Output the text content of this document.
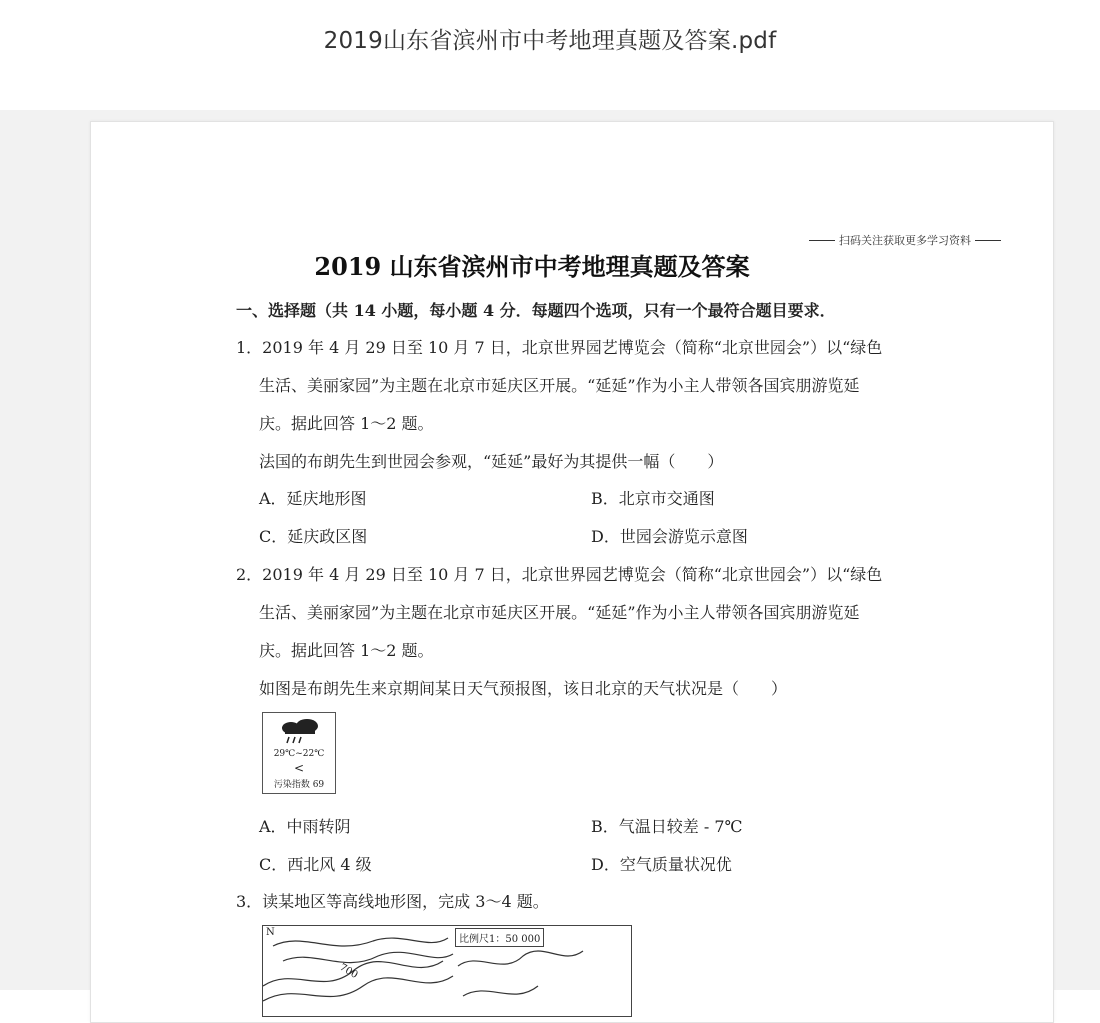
2019山东省滨州市中考地理真题及答案.pdf
扫码关注获取更多学习资料
2019 山东省滨州市中考地理真题及答案
一、选择题（共 14 小题，每小题 4 分．每题四个选项，只有一个最符合题目要求．
1．2019 年 4 月 29 日至 10 月 7 日，北京世界园艺博览会（简称“北京世园会”）以“绿色
生活、美丽家园”为主题在北京市延庆区开展。“延延”作为小主人带领各国宾朋游览延
庆。据此回答 1～2 题。
法国的布朗先生到世园会参观，“延延”最好为其提供一幅（　　）
A．延庆地形图	B．北京市交通图
C．延庆政区图	D．世园会游览示意图
2．2019 年 4 月 29 日至 10 月 7 日，北京世界园艺博览会（简称“北京世园会”）以“绿色
生活、美丽家园”为主题在北京市延庆区开展。“延延”作为小主人带领各国宾朋游览延
庆。据此回答 1～2 题。
如图是布朗先生来京期间某日天气预报图，该日北京的天气状况是（　　）
29℃~22℃
<
污染指数 69
A．中雨转阴	B．气温日较差 - 7℃
C．西北风 4 级	D．空气质量状况优
3．读某地区等高线地形图，完成 3～4 题。
N
比例尺1：50 000
700
